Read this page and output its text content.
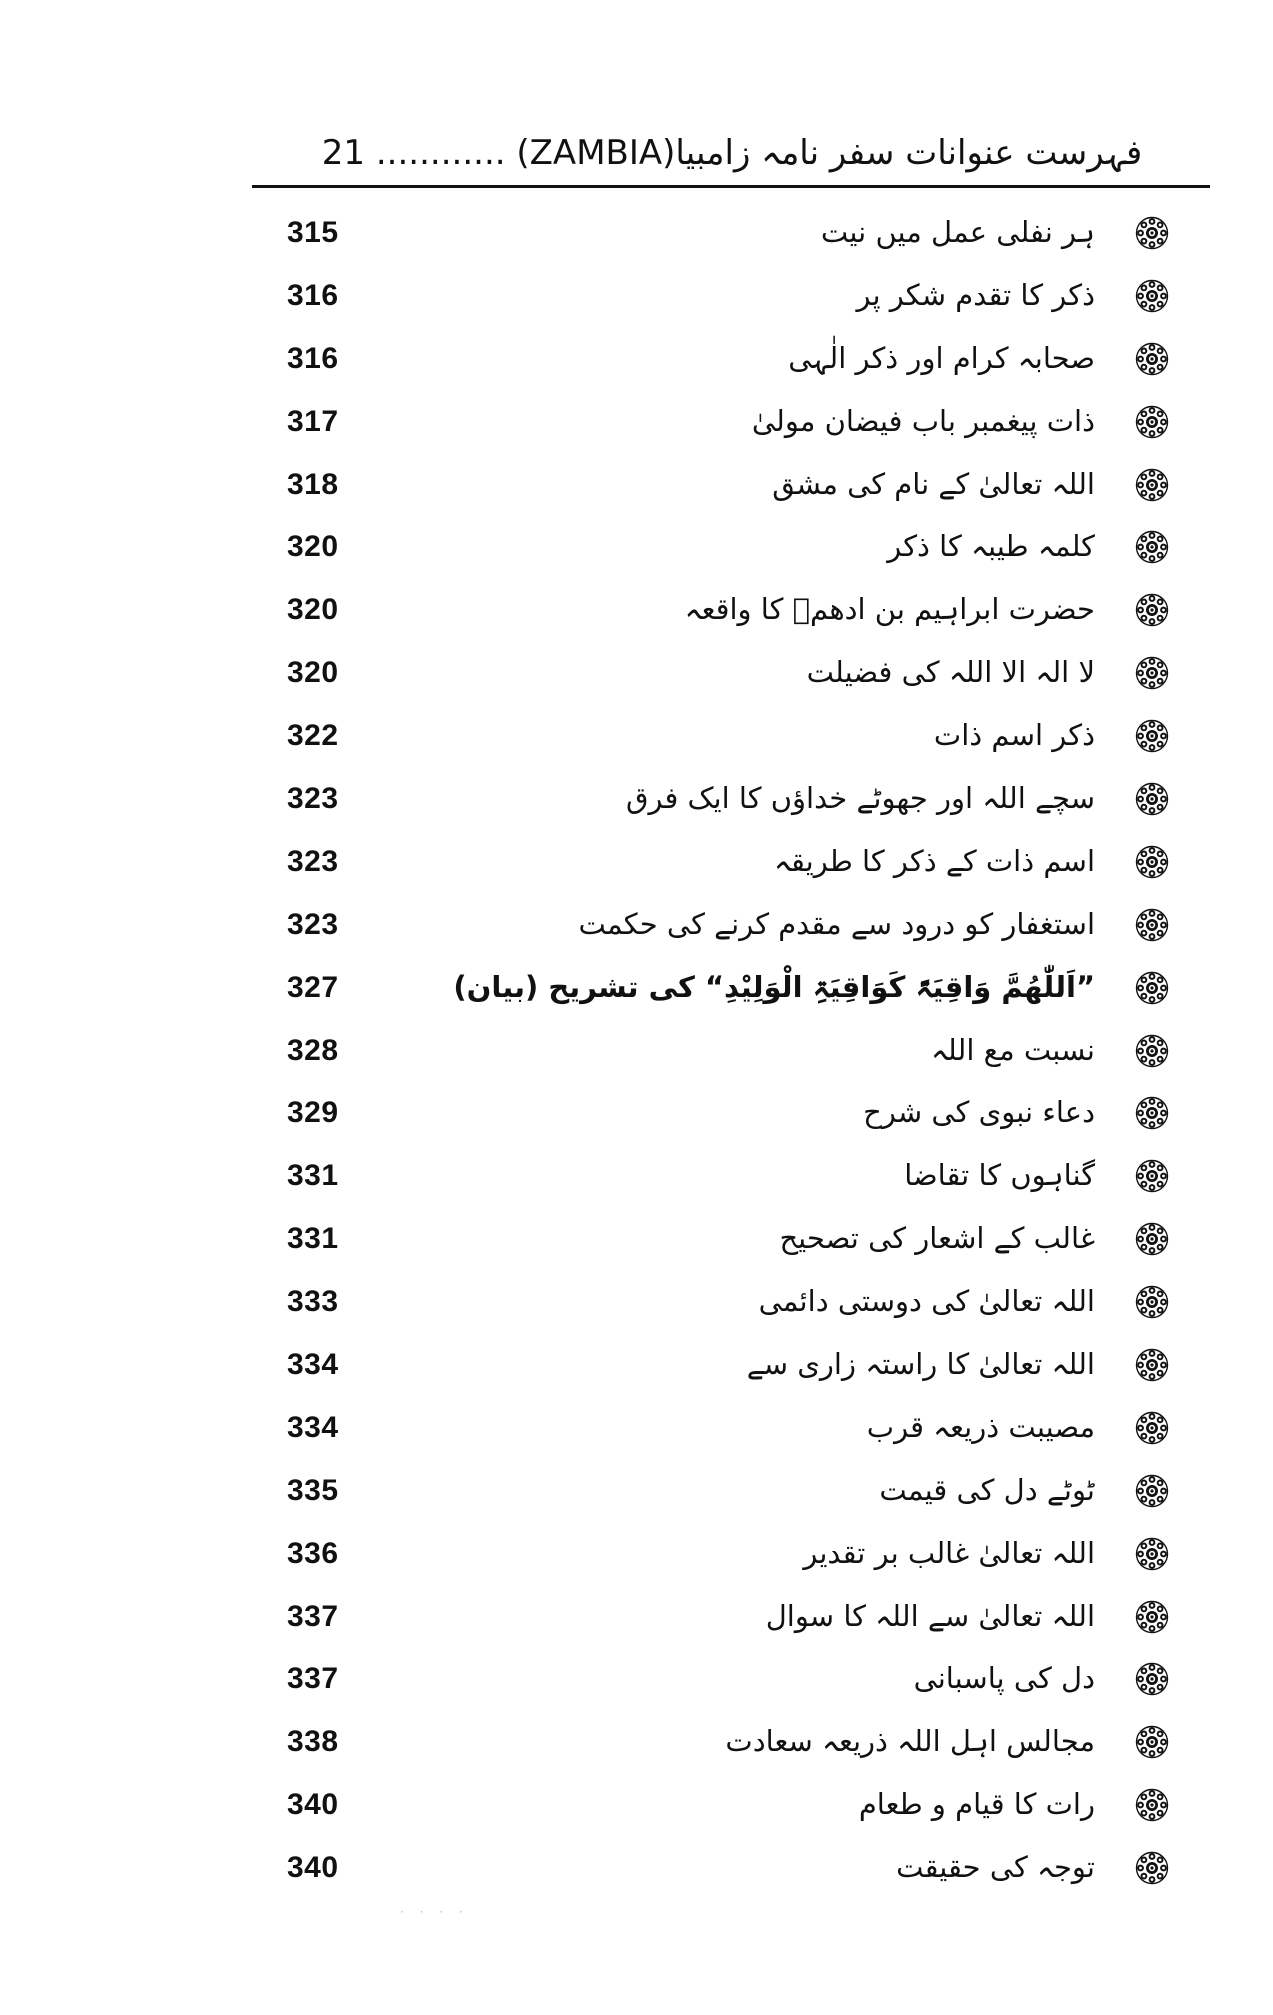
فہرست عنوانات سفر نامہ زامبیا(ZAMBIA) ............ 21
315	ہر نفلی عمل میں نیت
316	ذکر کا تقدم شکر پر
316	صحابہ کرام اور ذکر الٰہی
317	ذات پیغمبر باب فیضان مولیٰ
318	اللہ تعالیٰ کے نام کی مشق
320	کلمہ طیبہ کا ذکر
320	حضرت ابراہیم بن ادھمؒ کا واقعہ
320	لا الہ الا اللہ کی فضیلت
322	ذکر اسم ذات
323	سچے اللہ اور جھوٹے خداؤں کا ایک فرق
323	اسم ذات کے ذکر کا طریقہ
323	استغفار کو درود سے مقدم کرنے کی حکمت
327	”اَللّٰھُمَّ وَاقِیَۃً کَوَاقِیَۃِ الْوَلِیْدِ“ کی تشریح (بیان)
328	نسبت مع اللہ
329	دعاء نبوی کی شرح
331	گناہوں کا تقاضا
331	غالب کے اشعار کی تصحیح
333	اللہ تعالیٰ کی دوستی دائمی
334	اللہ تعالیٰ کا راستہ زاری سے
334	مصیبت ذریعہ قرب
335	ٹوٹے دل کی قیمت
336	اللہ تعالیٰ غالب بر تقدیر
337	اللہ تعالیٰ سے اللہ کا سوال
337	دل کی پاسبانی
338	مجالس اہل اللہ ذریعہ سعادت
340	رات کا قیام و طعام
340	توجہ کی حقیقت
· · · ·
